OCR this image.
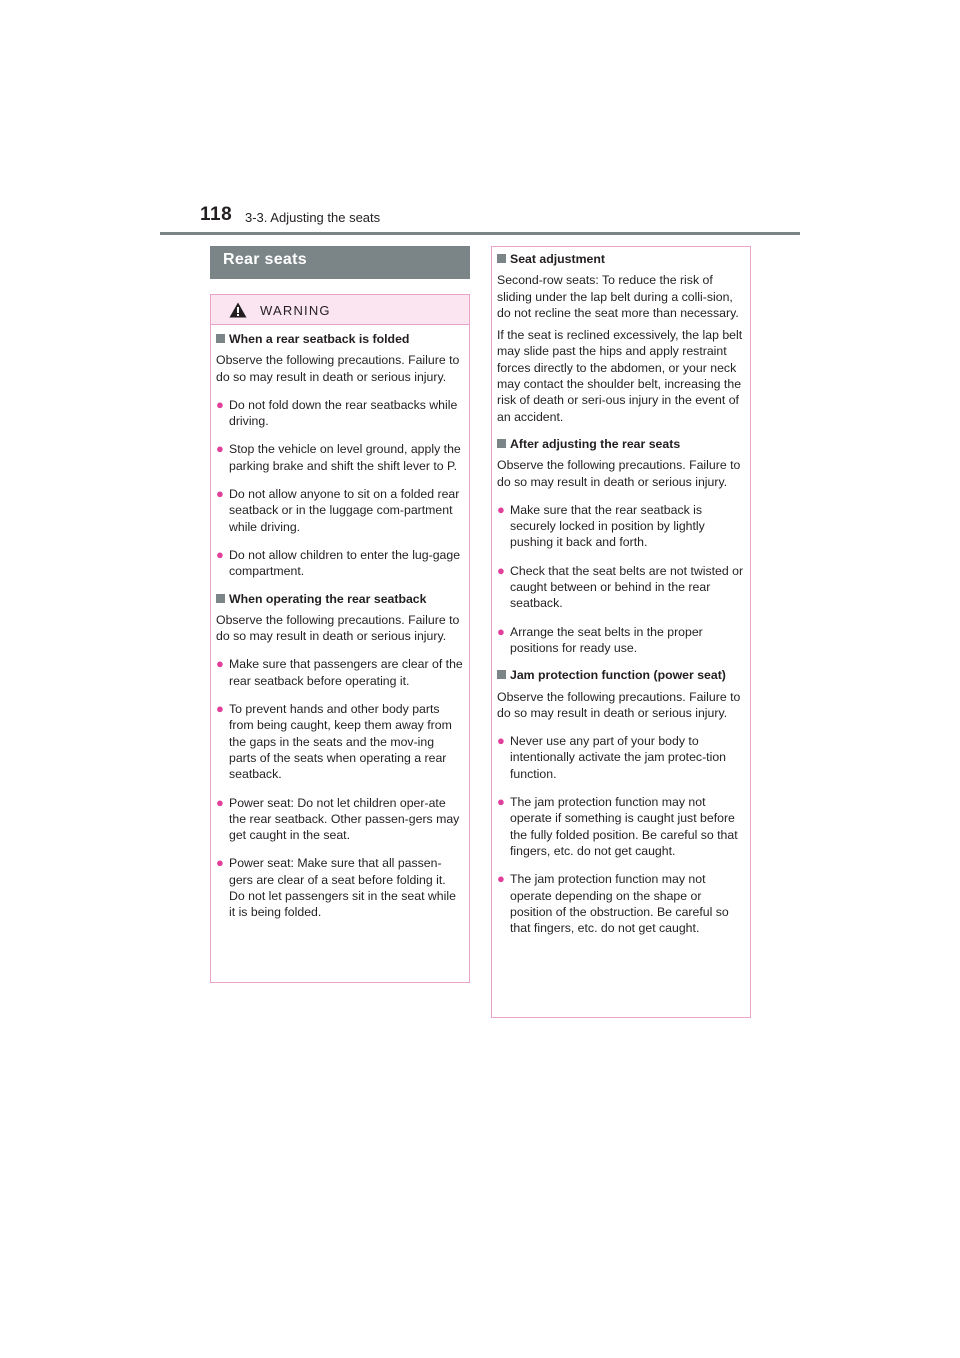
118 3-3. Adjusting the seats
Rear seats
WARNING
When a rear seatback is folded
Observe the following precautions. Failure to do so may result in death or serious injury.
● Do not fold down the rear seatbacks while driving.
● Stop the vehicle on level ground, apply the parking brake and shift the shift lever to P.
● Do not allow anyone to sit on a folded rear seatback or in the luggage com-partment while driving.
● Do not allow children to enter the lug-gage compartment.
When operating the rear seatback
Observe the following precautions. Failure to do so may result in death or serious injury.
● Make sure that passengers are clear of the rear seatback before operating it.
● To prevent hands and other body parts from being caught, keep them away from the gaps in the seats and the mov-ing parts of the seats when operating a rear seatback.
● Power seat: Do not let children oper-ate the rear seatback. Other passen-gers may get caught in the seat.
● Power seat: Make sure that all passen-gers are clear of a seat before folding it. Do not let passengers sit in the seat while it is being folded.
Seat adjustment
Second-row seats: To reduce the risk of sliding under the lap belt during a colli-sion, do not recline the seat more than necessary.
If the seat is reclined excessively, the lap belt may slide past the hips and apply restraint forces directly to the abdomen, or your neck may contact the shoulder belt, increasing the risk of death or seri-ous injury in the event of an accident.
After adjusting the rear seats
Observe the following precautions. Failure to do so may result in death or serious injury.
● Make sure that the rear seatback is securely locked in position by lightly pushing it back and forth.
● Check that the seat belts are not twisted or caught between or behind in the rear seatback.
● Arrange the seat belts in the proper positions for ready use.
Jam protection function (power seat)
Observe the following precautions. Failure to do so may result in death or serious injury.
● Never use any part of your body to intentionally activate the jam protec-tion function.
● The jam protection function may not operate if something is caught just before the fully folded position. Be careful so that fingers, etc. do not get caught.
● The jam protection function may not operate depending on the shape or position of the obstruction. Be careful so that fingers, etc. do not get caught.
